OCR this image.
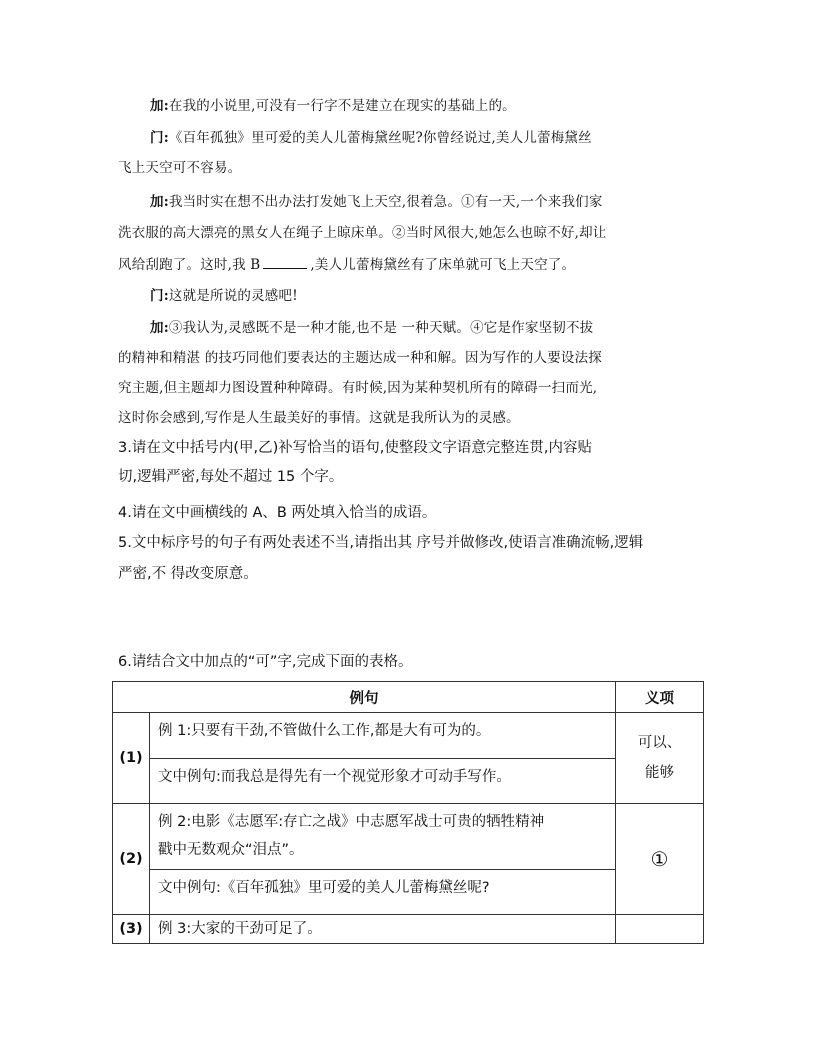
加:在我的小说里,可没有一行字不是建立在现实的基础上的。
门:《百年孤独》里可爱的美人儿蕾梅黛丝呢?你曾经说过,美人儿蕾梅黛丝
飞上天空可不容易。
加:我当时实在想不出办法打发她飞上天空,很着急。①有一天,一个来我们家
洗衣服的高大漂亮的黑女人在绳子上晾床单。②当时风很大,她怎么也晾不好,却让
风给刮跑了。这时,我 B	,美人儿蕾梅黛丝有了床单就可飞上天空了。
门:这就是所说的灵感吧!
加:③我认为,灵感既不是一种才能,也不是 一种天赋。④它是作家坚韧不拔
的精神和精湛 的技巧同他们要表达的主题达成一种和解。因为写作的人要设法探
究主题,但主题却力图设置种种障碍。有时候,因为某种契机所有的障碍一扫而光,
这时你会感到,写作是人生最美好的事情。这就是我所认为的灵感。
3.请在文中括号内(甲,乙)补写恰当的语句,使整段文字语意完整连贯,内容贴
切,逻辑严密,每处不超过 15 个字。
4.请在文中画横线的 A、B 两处填入恰当的成语。
5.文中标序号的句子有两处表述不当,请指出其 序号并做修改,使语言准确流畅,逻辑
严密,不 得改变原意。
6.请结合文中加点的“可”字,完成下面的表格。
例句		义项
(1)	例 1:只要有干劲,不管做什么工作,都是大有可为的。	可以、
能够

	文中例句:而我总是得先有一个视觉形象才可动手写作。	
(2)	例 2:电影《志愿军:存亡之战》中志愿军战士可贵的牺牲精神
戳中无数观众“泪点”。	①
	文中例句:《百年孤独》里可爱的美人儿蕾梅黛丝呢?	
(3)	例 3:大家的干劲可足了。	
